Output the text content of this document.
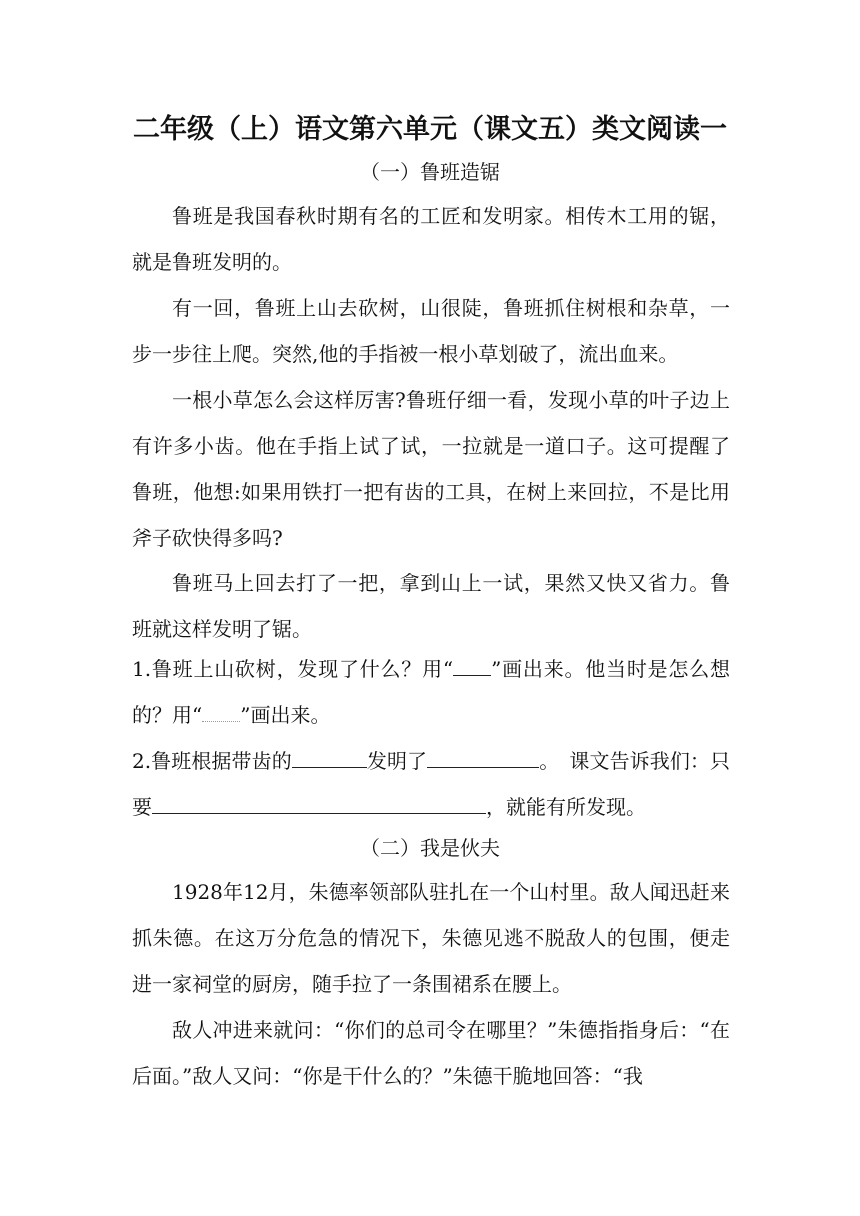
二年级（上）语文第六单元（课文五）类文阅读一

（一）鲁班造锯

鲁班是我国春秋时期有名的工匠和发明家。相传木工用的锯，就是鲁班发明的。

有一回，鲁班上山去砍树，山很陡，鲁班抓住树根和杂草，一步一步往上爬。突然,他的手指被一根小草划破了，流出血来。

一根小草怎么会这样厉害?鲁班仔细一看，发现小草的叶子边上有许多小齿。他在手指上试了试，一拉就是一道口子。这可提醒了鲁班，他想:如果用铁打一把有齿的工具，在树上来回拉，不是比用斧子砍快得多吗?

鲁班马上回去打了一把，拿到山上一试，果然又快又省力。鲁班就这样发明了锯。

1.鲁班上山砍树，发现了什么？用“ ”画出来。他当时是怎么想的？用“ ”画出来。

2.鲁班根据带齿的	发明了	。　课文告诉我们：只要	，就能有所发现。

（二）我是伙夫

1928年12月，朱德率领部队驻扎在一个山村里。敌人闻迅赶来抓朱德。在这万分危急的情况下，朱德见逃不脱敌人的包围，便走进一家祠堂的厨房，随手拉了一条围裙系在腰上。

敌人冲进来就问：“你们的总司令在哪里？”朱德指指身后：“在后面。”敌人又问：“你是干什么的？”朱德干脆地回答：“我
